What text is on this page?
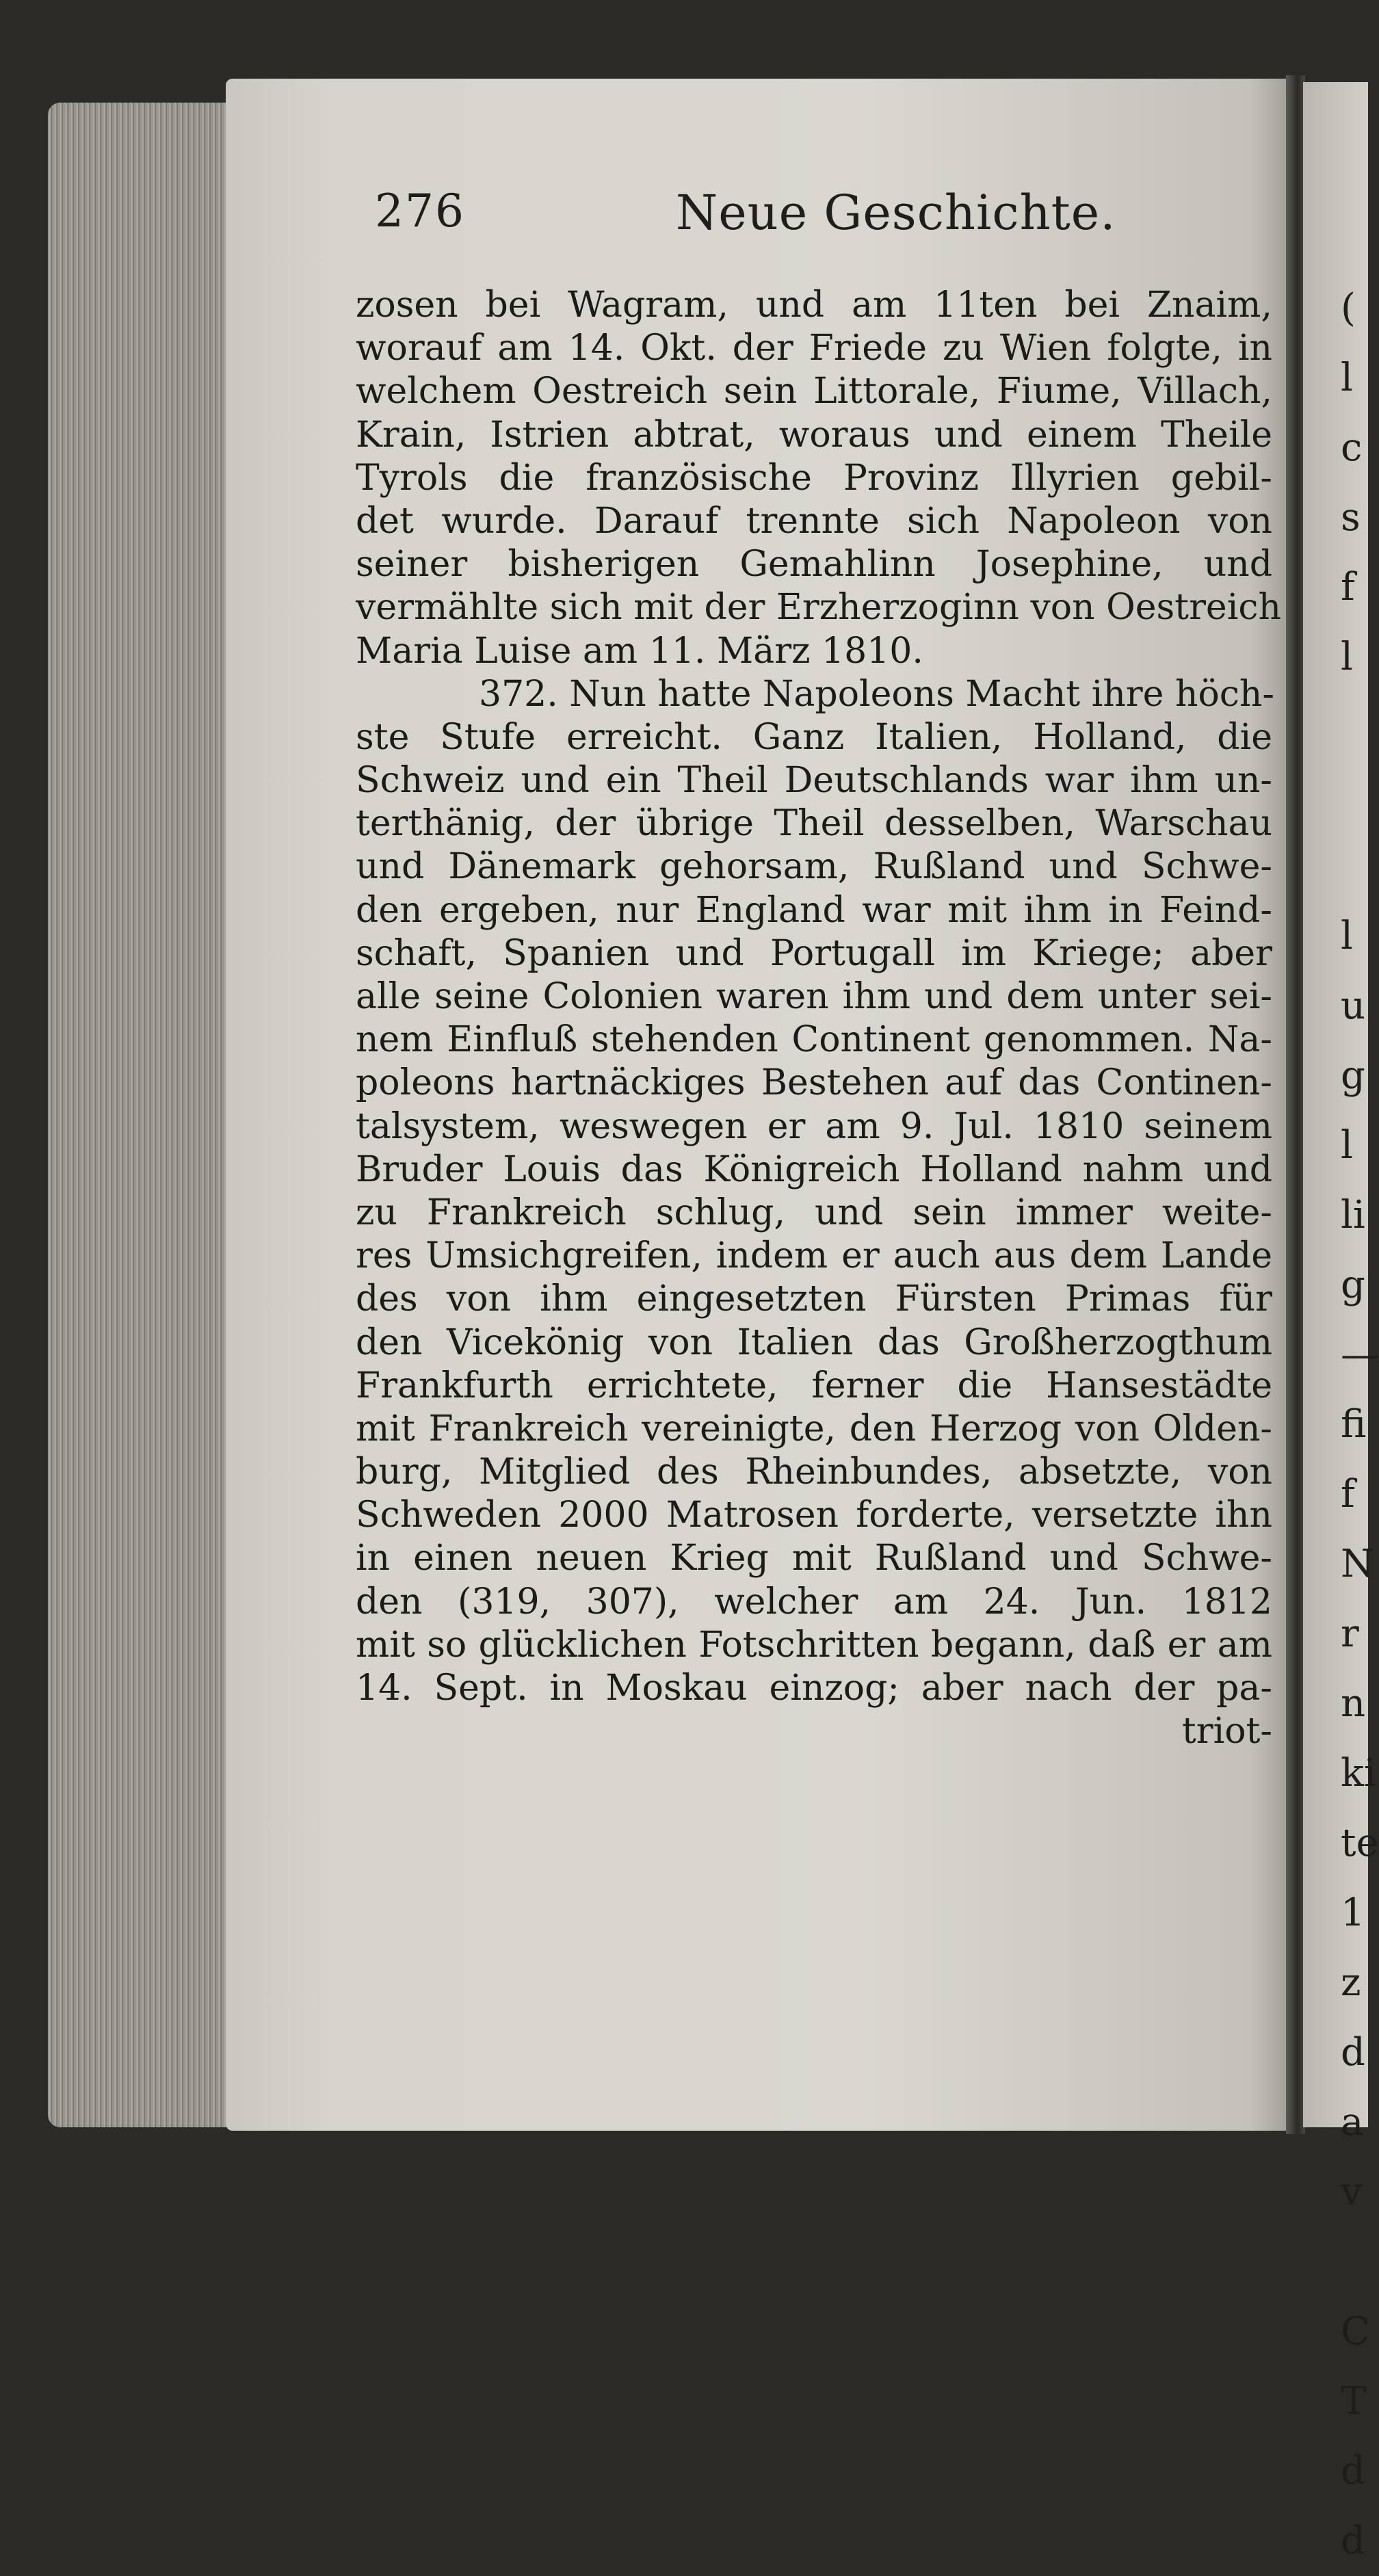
(
l
c
s
f
l
l
u
g
l
li
g
—
fi
f
N
r
n
ki
te
1
z
d
a
v
C
T
d
d
276	Neue Geschichte.
zosen bei Wagram, und am 11ten bei Znaim,
worauf am 14. Okt. der Friede zu Wien folgte, in
welchem Oestreich sein Littorale, Fiume, Villach,
Krain, Istrien abtrat, woraus und einem Theile
Tyrols die französische Provinz Illyrien gebil-
det wurde. Darauf trennte sich Napoleon von
seiner bisherigen Gemahlinn Josephine, und
vermählte sich mit der Erzherzoginn von Oestreich
Maria Luise am 11. März 1810.
372. Nun hatte Napoleons Macht ihre höch-
ste Stufe erreicht. Ganz Italien, Holland, die
Schweiz und ein Theil Deutschlands war ihm un-
terthänig, der übrige Theil desselben, Warschau
und Dänemark gehorsam, Rußland und Schwe-
den ergeben, nur England war mit ihm in Feind-
schaft, Spanien und Portugall im Kriege; aber
alle seine Colonien waren ihm und dem unter sei-
nem Einfluß stehenden Continent genommen. Na-
poleons hartnäckiges Bestehen auf das Continen-
talsystem, weswegen er am 9. Jul. 1810 seinem
Bruder Louis das Königreich Holland nahm und
zu Frankreich schlug, und sein immer weite-
res Umsichgreifen, indem er auch aus dem Lande
des von ihm eingesetzten Fürsten Primas für
den Vicekönig von Italien das Großherzogthum
Frankfurth errichtete, ferner die Hansestädte
mit Frankreich vereinigte, den Herzog von Olden-
burg, Mitglied des Rheinbundes, absetzte, von
Schweden 2000 Matrosen forderte, versetzte ihn
in einen neuen Krieg mit Rußland und Schwe-
den (319, 307), welcher am 24. Jun. 1812
mit so glücklichen Fotschritten begann, daß er am
14. Sept. in Moskau einzog; aber nach der pa-
triot-
